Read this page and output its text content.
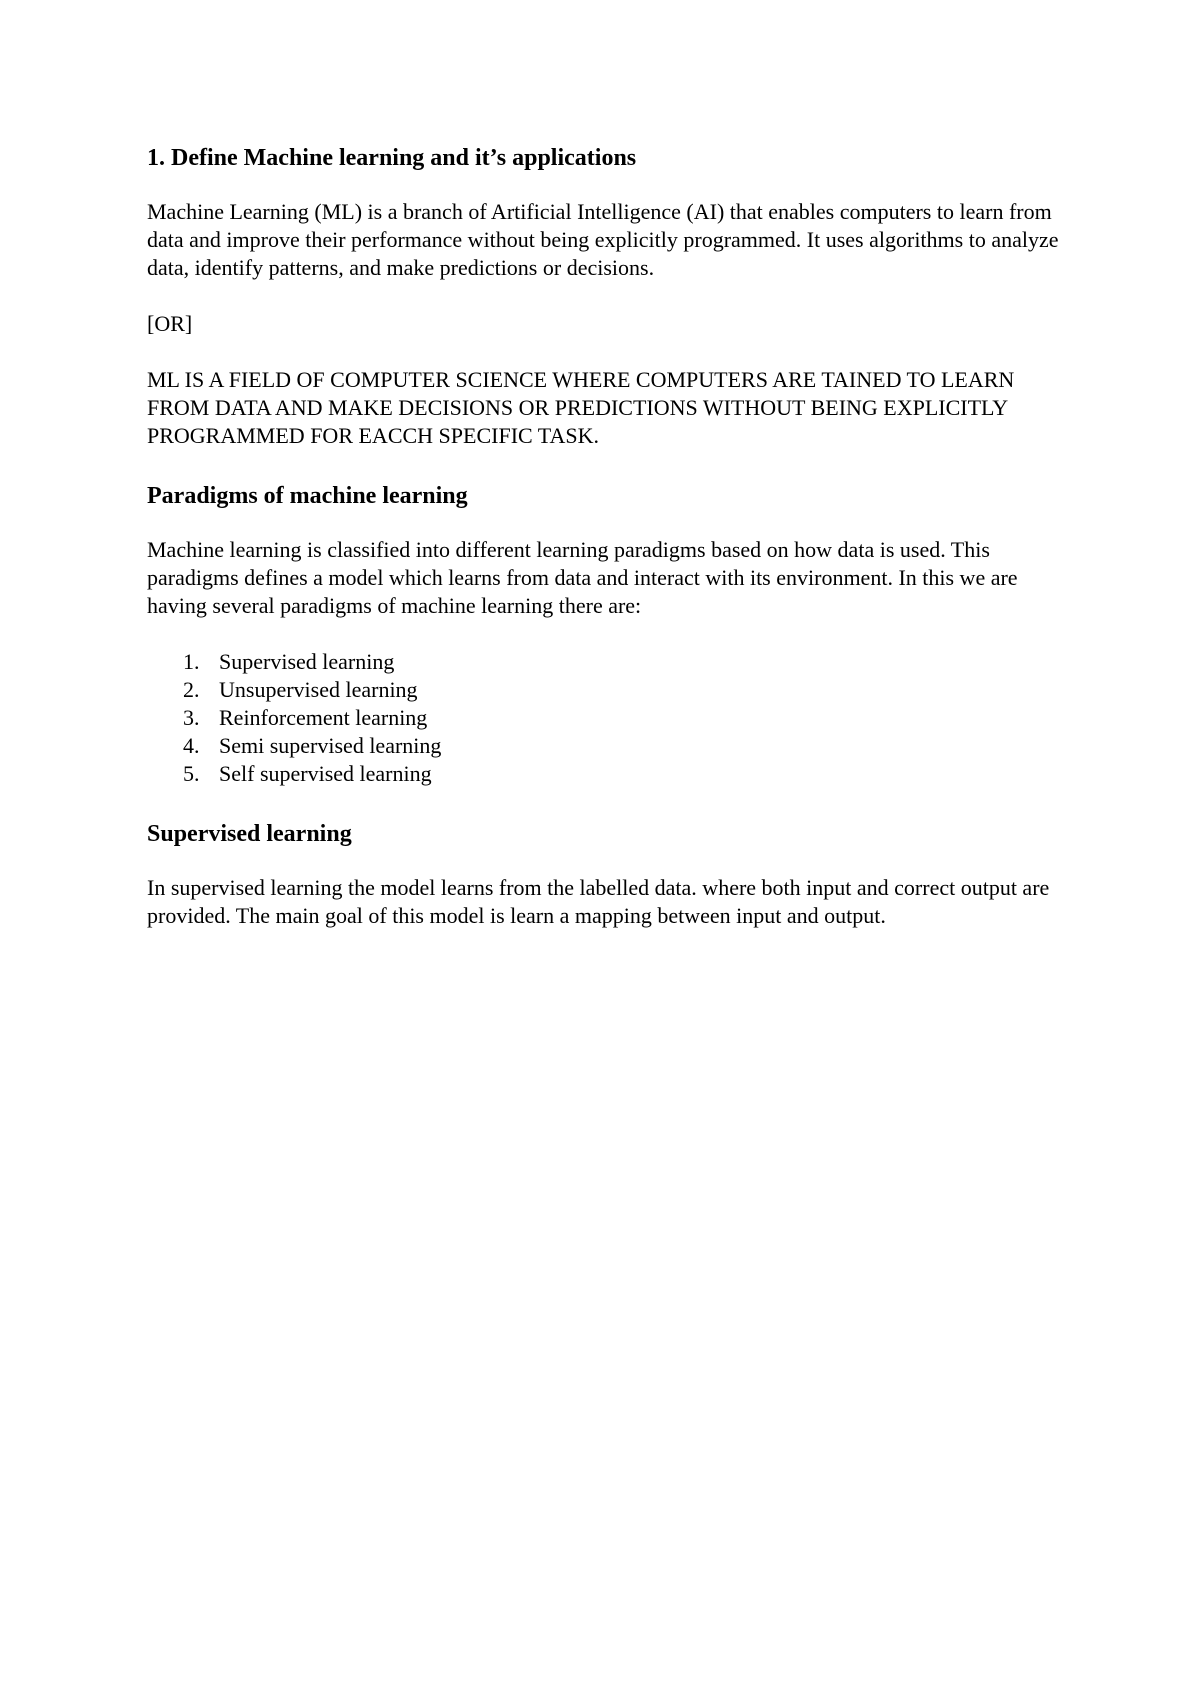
1. Define Machine learning and it’s applications

Machine Learning (ML) is a branch of Artificial Intelligence (AI) that enables computers to learn from data and improve their performance without being explicitly programmed. It uses algorithms to analyze data, identify patterns, and make predictions or decisions.

[OR]

ML IS A FIELD OF COMPUTER SCIENCE WHERE COMPUTERS ARE TAINED TO LEARN FROM DATA AND MAKE DECISIONS OR PREDICTIONS WITHOUT BEING EXPLICITLY PROGRAMMED FOR EACCH SPECIFIC TASK.

Paradigms of machine learning

Machine learning is classified into different learning paradigms based on how data is used. This paradigms defines a model which learns from data and interact with its environment. In this we are having several paradigms of machine learning there are:

1. Supervised learning
2. Unsupervised learning
3. Reinforcement learning
4. Semi supervised learning
5. Self supervised learning
Supervised learning

In supervised learning the model learns from the labelled data. where both input and correct output are provided. The main goal of this model is learn a mapping between input and output.
